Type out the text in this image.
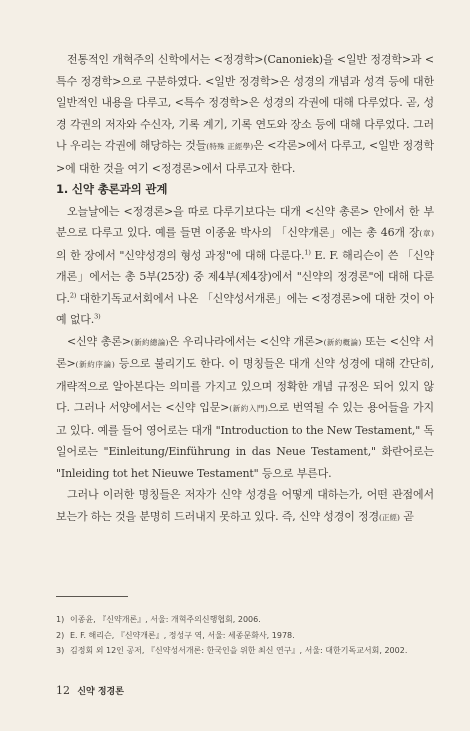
전통적인 개혁주의 신학에서는 <정경학>(Canoniek)을 <일반 정경학>과 <특수 정경학>으로 구분하였다. <일반 정경학>은 성경의 개념과 성격 등에 대한 일반적인 내용을 다루고, <특수 정경학>은 성경의 각권에 대해 다루었다. 곧, 성경 각권의 저자와 수신자, 기록 계기, 기록 연도와 장소 등에 대해 다루었다. 그러나 우리는 각권에 해당하는 것들(特殊 正經學)은 <각론>에서 다루고, <일반 정경학>에 대한 것을 여기 <정경론>에서 다루고자 한다.

1. 신약 총론과의 관계

오늘날에는 <정경론>을 따로 다루기보다는 대개 <신약 총론> 안에서 한 부분으로 다루고 있다. 예를 들면 이종윤 박사의 「신약개론」에는 총 46개 장(章)의 한 장에서 "신약성경의 형성 과정"에 대해 다룬다.$^{1)}$ E. F. 해리슨이 쓴 「신약개론」에서는 총 5부(25장) 중 제4부(제4장)에서 "신약의 정경론"에 대해 다룬다.$^{2)}$ 대한기독교서회에서 나온 「신약성서개론」에는 <정경론>에 대한 것이 아예 없다.$^{3)}$

<신약 총론>(新約總論)은 우리나라에서는 <신약 개론>(新約槪論) 또는 <신약 서론>(新約序論) 등으로 불리기도 한다. 이 명칭들은 대개 신약 성경에 대해 간단히, 개략적으로 알아본다는 의미를 가지고 있으며 정확한 개념 규정은 되어 있지 않다. 그러나 서양에서는 <신약 입문>(新約入門)으로 번역될 수 있는 용어들을 가지고 있다. 예를 들어 영어로는 대개 "Introduction to the New Testament," 독일어로는 "Einleitung/Einführung in das Neue Testament," 화란어로는 "Inleiding tot het Nieuwe Testament" 등으로 부른다.

그러나 이러한 명칭들은 저자가 신약 성경을 어떻게 대하는가, 어떤 관점에서 보는가 하는 것을 분명히 드러내지 못하고 있다. 즉, 신약 성경이 정경(正經) 곧

1) 이종윤, 『신약개론』, 서울: 개혁주의신행협회, 2006.
2) E. F. 해리슨, 『신약개론』, 정성구 역, 서울: 세종문화사, 1978.
3) 김정회 외 12인 공저, 『신약성서개론: 한국인을 위한 최신 연구』, 서울: 대한기독교서회, 2002.
12 신약 정경론
